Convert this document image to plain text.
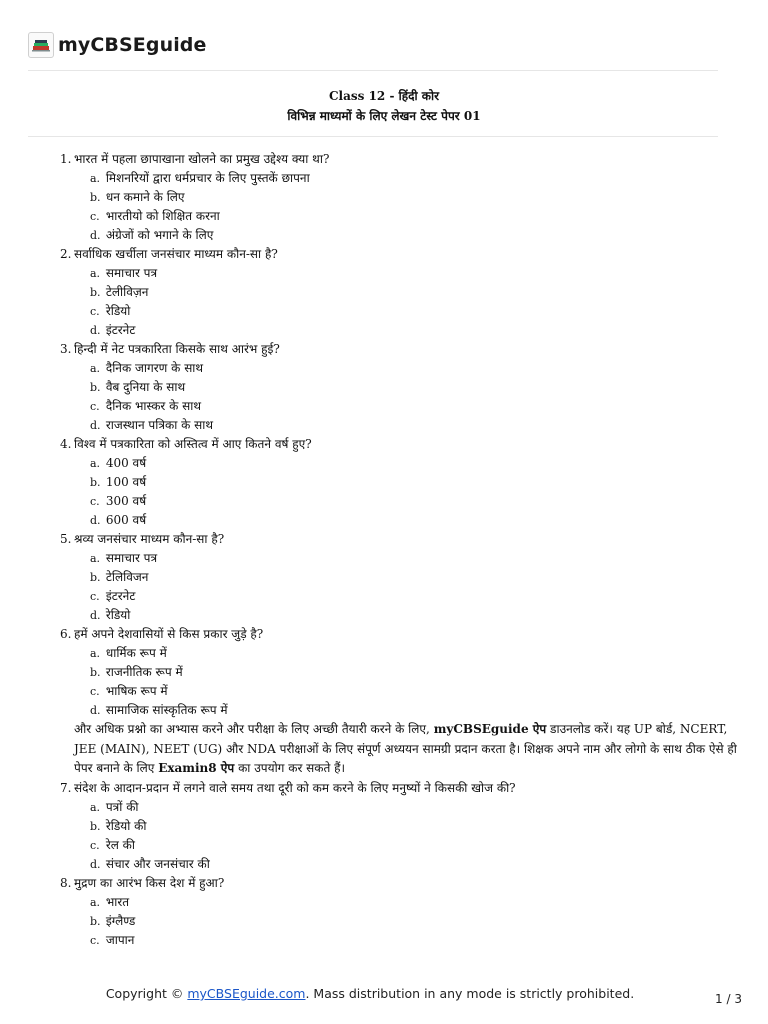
myCBSEguide
Class 12 - हिंदी कोर
विभिन्न माध्यमों के लिए लेखन टेस्ट पेपर 01

1. भारत में पहला छापाखाना खोलने का प्रमुख उद्देश्य क्या था?

a. मिशनरियों द्वारा धर्मप्रचार के लिए पुस्तकें छापना
b. धन कमाने के लिए
c. भारतीयो को शिक्षित करना
d. अंग्रेजों को भगाने के लिए

2. सर्वाधिक खर्चीला जनसंचार माध्यम कौन-सा है?

a. समाचार पत्र
b. टेलीविज़न
c. रेडियो
d. इंटरनेट

3. हिन्दी में नेट पत्रकारिता किसके साथ आरंभ हुई?

a. दैनिक जागरण के साथ
b. वैब दुनिया के साथ
c. दैनिक भास्कर के साथ
d. राजस्थान पत्रिका के साथ

4. विश्व में पत्रकारिता को अस्तित्व में आए कितने वर्ष हुए?

a. 400 वर्ष
b. 100 वर्ष
c. 300 वर्ष
d. 600 वर्ष

5. श्रव्य जनसंचार माध्यम कौन-सा है?

a. समाचार पत्र
b. टेलिविजन
c. इंटरनेट
d. रेडियो

6. हमें अपने देशवासियों से किस प्रकार जुड़े है?

a. धार्मिक रूप में
b. राजनीतिक रूप में
c. भाषिक रूप में
d. सामाजिक सांस्कृतिक रूप में

और अधिक प्रश्नो का अभ्यास करने और परीक्षा के लिए अच्छी तैयारी करने के लिए, myCBSEguide ऐप डाउनलोड करें। यह UP बोर्ड, NCERT, JEE (MAIN), NEET (UG) और NDA परीक्षाओं के लिए संपूर्ण अध्ययन सामग्री प्रदान करता है। शिक्षक अपने नाम और लोगो के साथ ठीक ऐसे ही पेपर बनाने के लिए Examin8 ऐप का उपयोग कर सकते हैं।

7. संदेश के आदान-प्रदान में लगने वाले समय तथा दूरी को कम करने के लिए मनुष्यों ने किसकी खोज की?

a. पत्रों की
b. रेडियो की
c. रेल की
d. संचार और जनसंचार की

8. मुद्रण का आरंभ किस देश में हुआ?

a. भारत
b. इंग्लैण्ड
c. जापान
Copyright © myCBSEguide.com. Mass distribution in any mode is strictly prohibited.	1 / 3
